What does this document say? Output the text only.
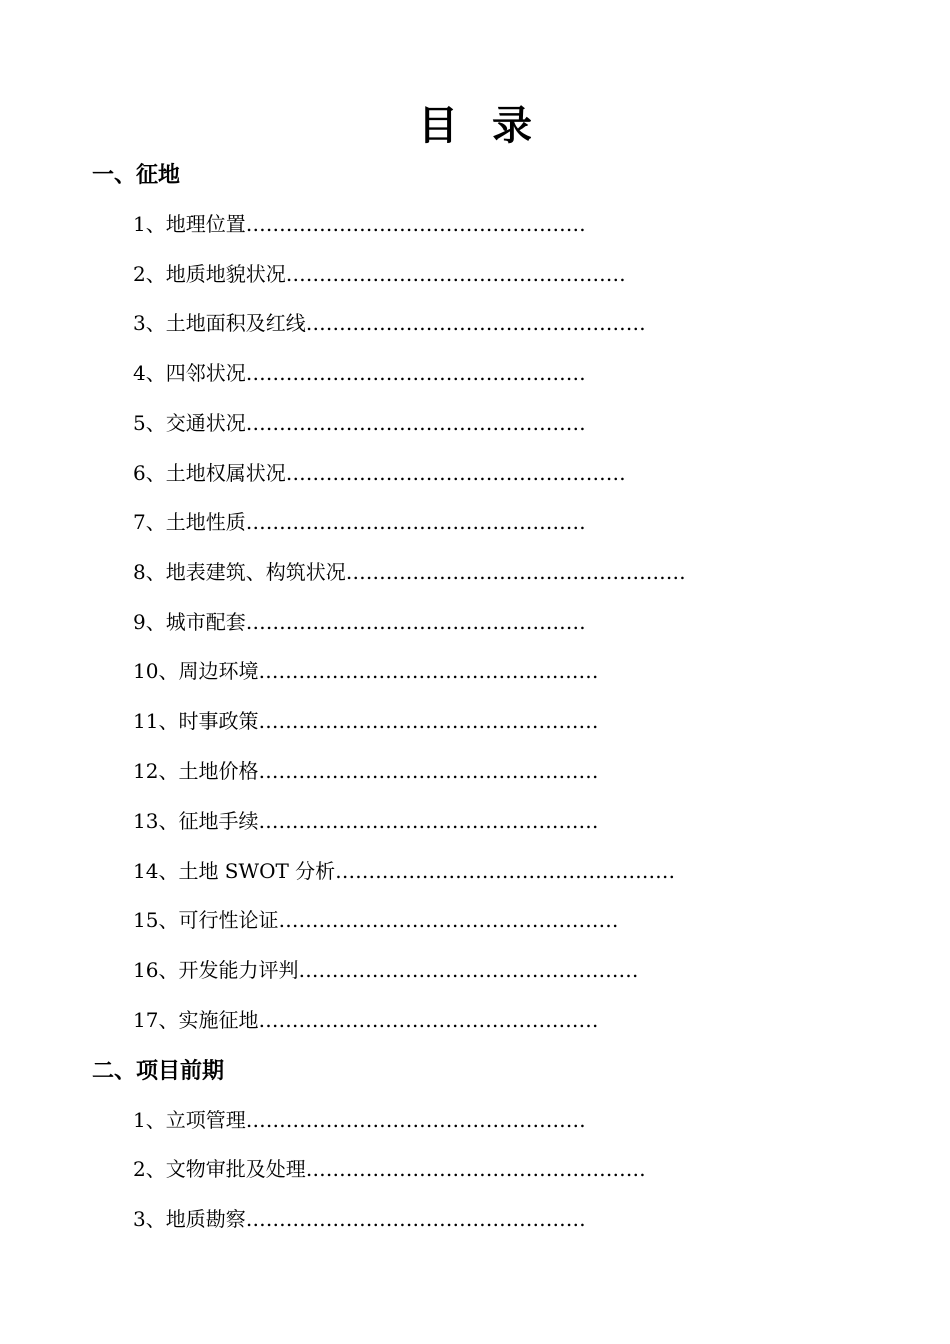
目 录
一、征地
1、地理位置……………………………………………
2、地质地貌状况……………………………………………
3、土地面积及红线……………………………………………
4、四邻状况……………………………………………
5、交通状况……………………………………………
6、土地权属状况……………………………………………
7、土地性质……………………………………………
8、地表建筑、构筑状况……………………………………………
9、城市配套……………………………………………
10、周边环境……………………………………………
11、时事政策……………………………………………
12、土地价格……………………………………………
13、征地手续……………………………………………
14、土地 SWOT 分析……………………………………………
15、可行性论证……………………………………………
16、开发能力评判……………………………………………
17、实施征地……………………………………………
二、项目前期
1、立项管理……………………………………………
2、文物审批及处理……………………………………………
3、地质勘察……………………………………………
